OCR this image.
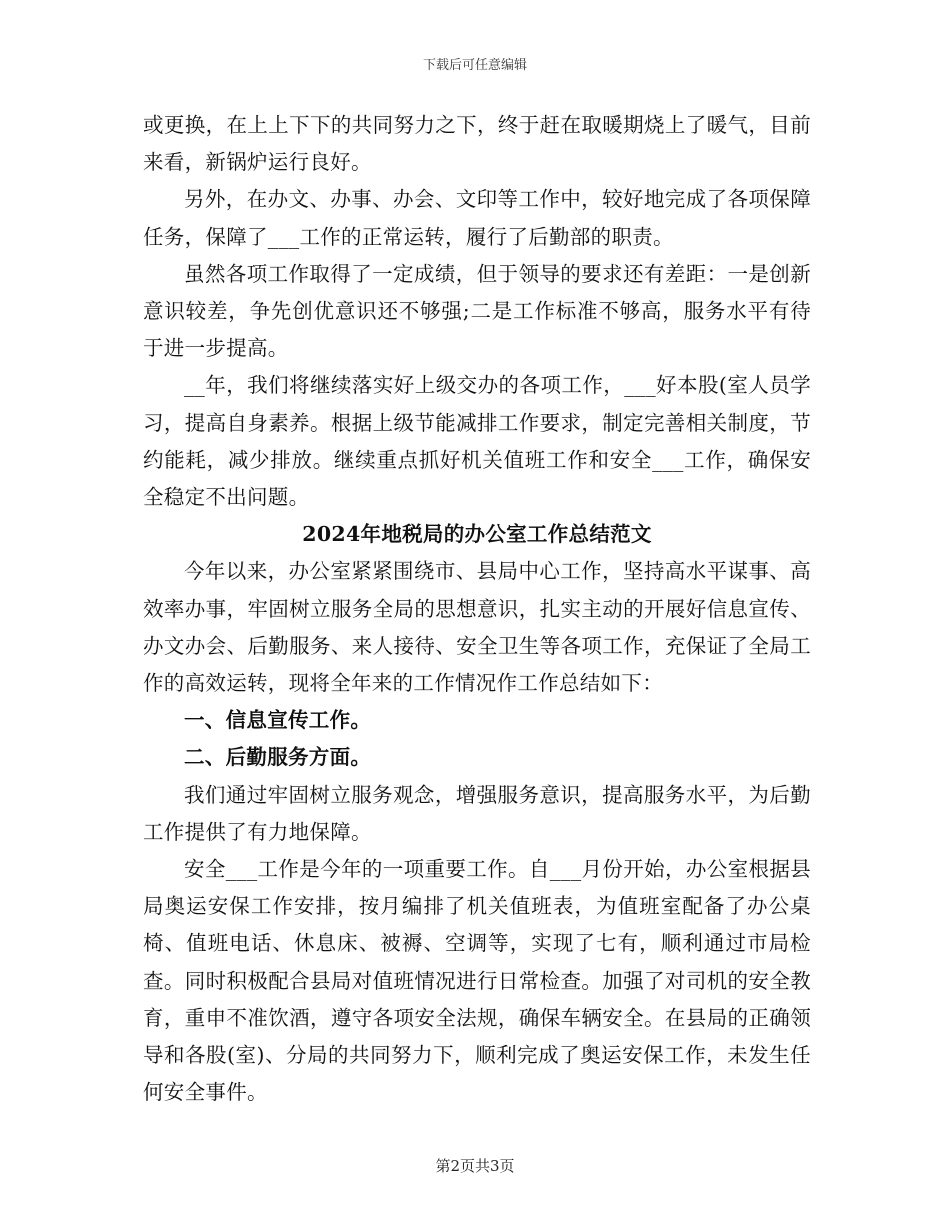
下载后可任意编辑

或更换，在上上下下的共同努力之下，终于赶在取暖期烧上了暖气，目前来看，新锅炉运行良好。

另外，在办文、办事、办会、文印等工作中，较好地完成了各项保障任务，保障了___工作的正常运转，履行了后勤部的职责。

虽然各项工作取得了一定成绩，但于领导的要求还有差距：一是创新意识较差，争先创优意识还不够强;二是工作标准不够高，服务水平有待于进一步提高。

__年，我们将继续落实好上级交办的各项工作，___好本股(室人员学习，提高自身素养。根据上级节能减排工作要求，制定完善相关制度，节约能耗，减少排放。继续重点抓好机关值班工作和安全___工作，确保安全稳定不出问题。

2024年地税局的办公室工作总结范文

今年以来，办公室紧紧围绕市、县局中心工作，坚持高水平谋事、高效率办事，牢固树立服务全局的思想意识，扎实主动的开展好信息宣传、办文办会、后勤服务、来人接待、安全卫生等各项工作，充保证了全局工作的高效运转，现将全年来的工作情况作工作总结如下：

一、信息宣传工作。

二、后勤服务方面。

我们通过牢固树立服务观念，增强服务意识，提高服务水平，为后勤工作提供了有力地保障。

安全___工作是今年的一项重要工作。自___月份开始，办公室根据县局奥运安保工作安排，按月编排了机关值班表，为值班室配备了办公桌椅、值班电话、休息床、被褥、空调等，实现了七有，顺利通过市局检查。同时积极配合县局对值班情况进行日常检查。加强了对司机的安全教育，重申不准饮酒，遵守各项安全法规，确保车辆安全。在县局的正确领导和各股(室)、分局的共同努力下，顺利完成了奥运安保工作，未发生任何安全事件。

第2页共3页
